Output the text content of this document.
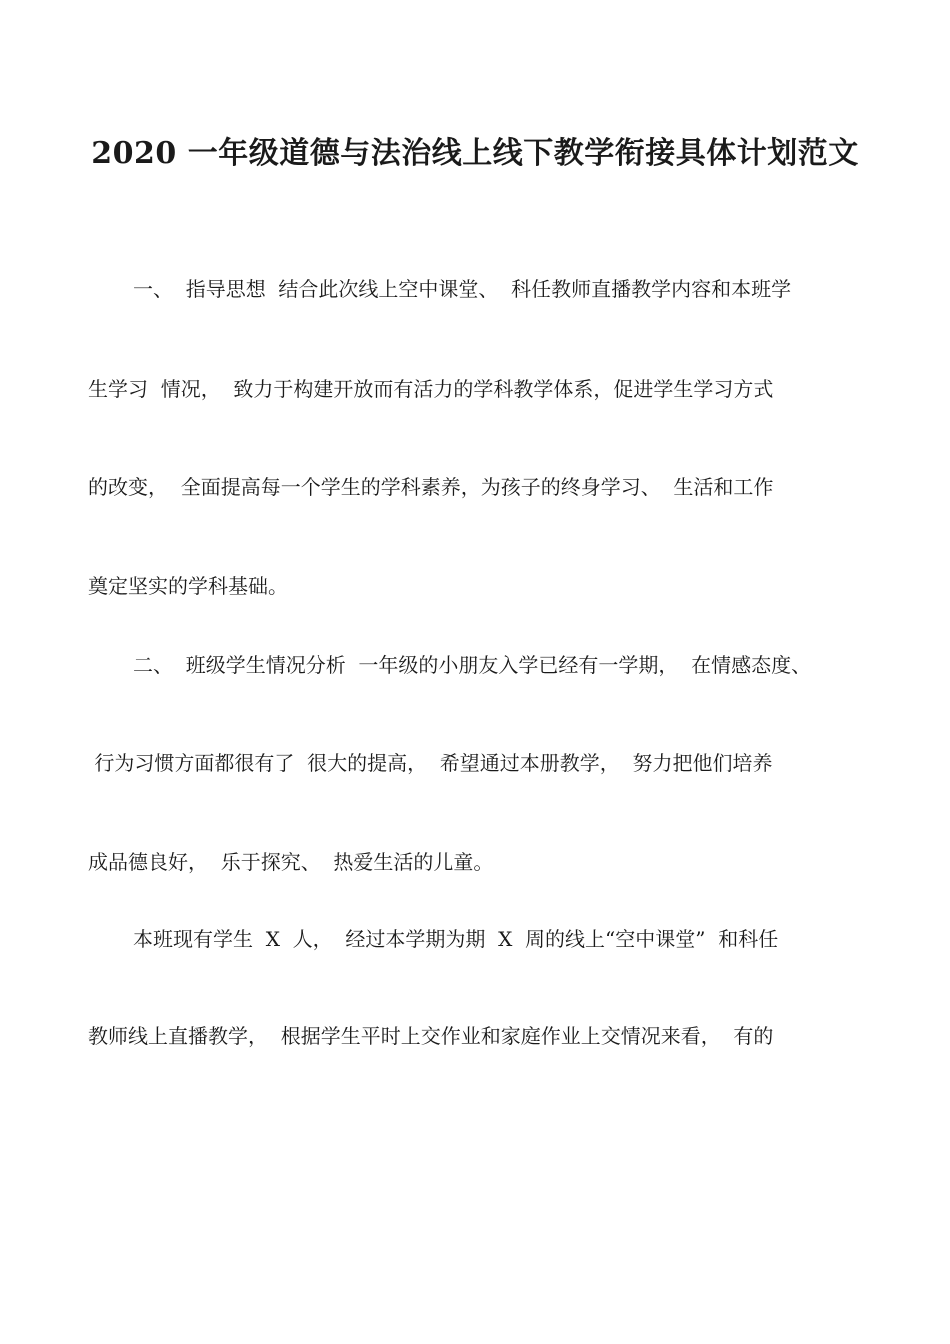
2020 一年级道德与法治线上线下教学衔接具体计划范文
一、  指导思想  结合此次线上空中课堂、  科任教师直播教学内容和本班学
生学习  情况，  致力于构建开放而有活力的学科教学体系，促进学生学习方式
的改变，  全面提高每一个学生的学科素养，为孩子的终身学习、  生活和工作
奠定坚实的学科基础。
二、  班级学生情况分析  一年级的小朋友入学已经有一学期，  在情感态度、
行为习惯方面都很有了  很大的提高，  希望通过本册教学，  努力把他们培养
成品德良好，  乐于探究、  热爱生活的儿童。
本班现有学生  X  人，  经过本学期为期  X  周的线上“空中课堂”  和科任
教师线上直播教学，  根据学生平时上交作业和家庭作业上交情况来看，  有的
